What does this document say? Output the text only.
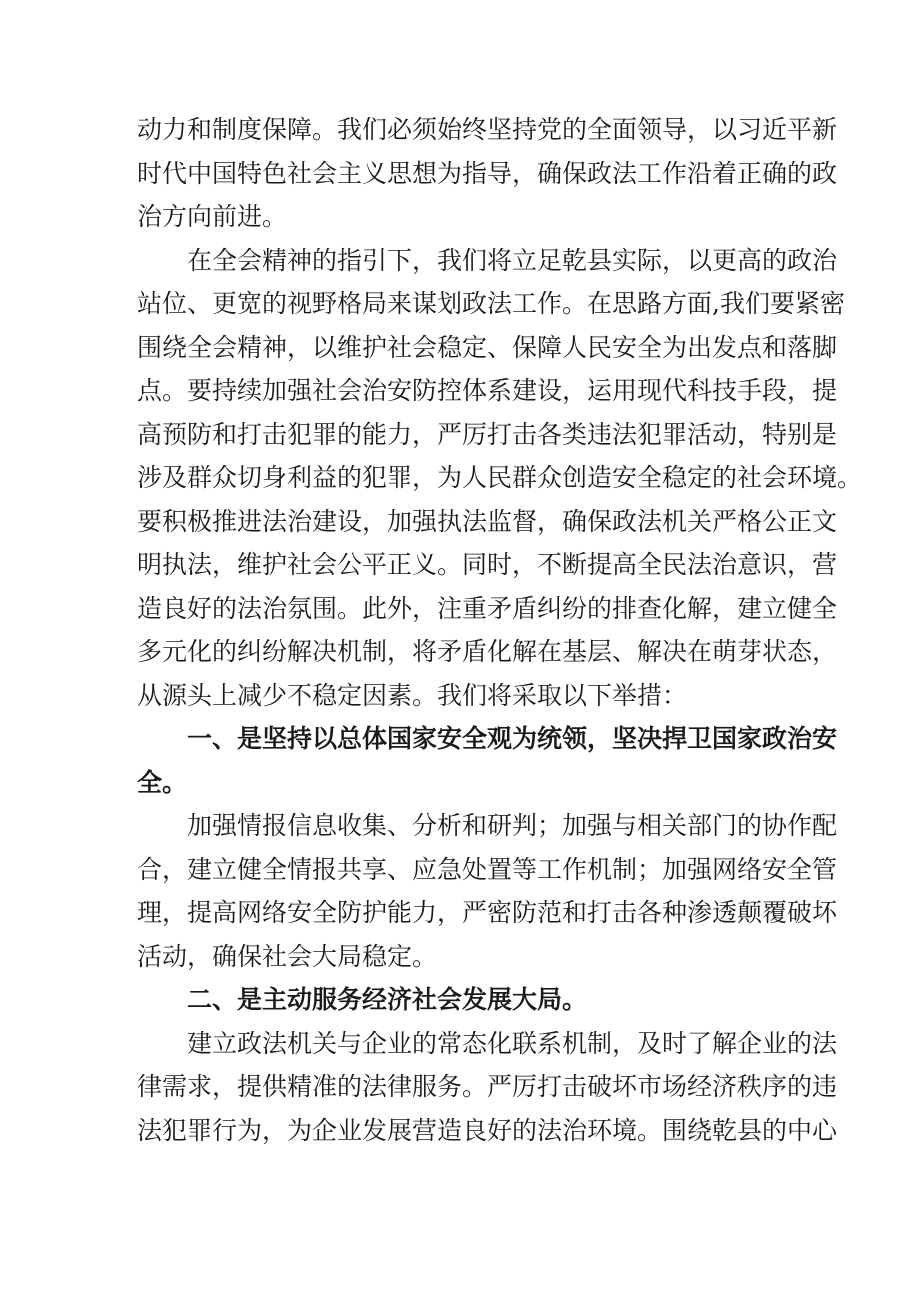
动力和制度保障。我们必须始终坚持党的全面领导，以习近平新
时代中国特色社会主义思想为指导，确保政法工作沿着正确的政
治方向前进。
在全会精神的指引下，我们将立足乾县实际，以更高的政治
站位、更宽的视野格局来谋划政法工作。在思路方面,我们要紧密
围绕全会精神，以维护社会稳定、保障人民安全为出发点和落脚
点。要持续加强社会治安防控体系建设，运用现代科技手段，提
高预防和打击犯罪的能力，严厉打击各类违法犯罪活动，特别是
涉及群众切身利益的犯罪，为人民群众创造安全稳定的社会环境。
要积极推进法治建设，加强执法监督，确保政法机关严格公正文
明执法，维护社会公平正义。同时，不断提高全民法治意识，营
造良好的法治氛围。此外，注重矛盾纠纷的排查化解，建立健全
多元化的纠纷解决机制，将矛盾化解在基层、解决在萌芽状态，
从源头上减少不稳定因素。我们将采取以下举措：
一、是坚持以总体国家安全观为统领，坚决捍卫国家政治安
全。
加强情报信息收集、分析和研判；加强与相关部门的协作配
合，建立健全情报共享、应急处置等工作机制；加强网络安全管
理，提高网络安全防护能力，严密防范和打击各种渗透颠覆破坏
活动，确保社会大局稳定。
二、是主动服务经济社会发展大局。
建立政法机关与企业的常态化联系机制，及时了解企业的法
律需求，提供精准的法律服务。严厉打击破坏市场经济秩序的违
法犯罪行为，为企业发展营造良好的法治环境。围绕乾县的中心
